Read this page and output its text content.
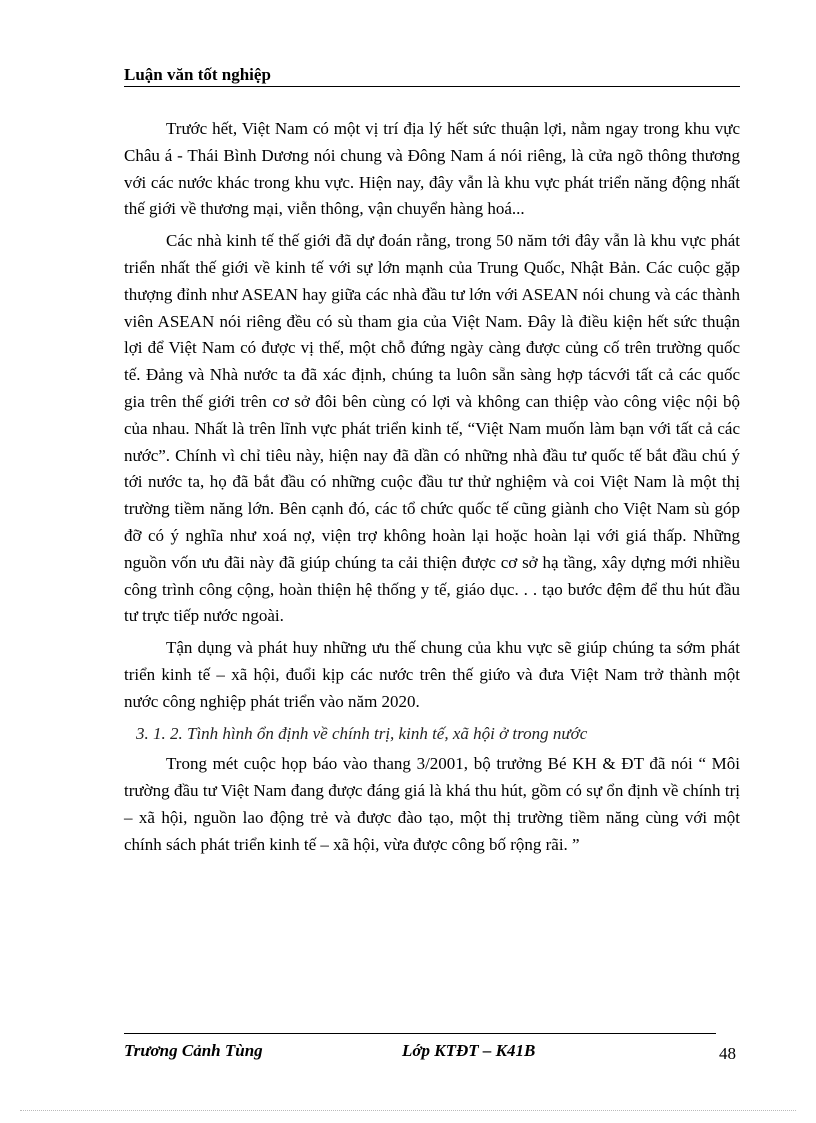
Luận văn tốt nghiệp

Trước hết, Việt Nam có một vị trí địa lý hết sức thuận lợi, nằm ngay trong khu vực Châu á - Thái Bình Dương nói chung và Đông Nam á nói riêng, là cửa ngõ thông thương với các nước khác trong khu vực. Hiện nay, đây vẫn là khu vực phát triển năng động nhất thế giới về thương mại, viễn thông, vận chuyển hàng hoá...

Các nhà kinh tế thế giới đã dự đoán rằng, trong 50 năm tới đây vẫn là khu vực phát triển nhất thế giới về kinh tế với sự lớn mạnh của Trung Quốc, Nhật Bản. Các cuộc gặp thượng đỉnh như ASEAN hay giữa các nhà đầu tư lớn với ASEAN nói chung và các thành viên ASEAN nói riêng đều có sù tham gia của Việt Nam. Đây là điều kiện hết sức thuận lợi để Việt Nam có được vị thế, một chỗ đứng ngày càng được củng cố trên trường quốc tế. Đảng và Nhà nước ta đã xác định, chúng ta luôn sẵn sàng hợp tácvới tất cả các quốc gia trên thế giới trên cơ sở đôi bên cùng có lợi và không can thiệp vào công việc nội bộ của nhau. Nhất là trên lĩnh vực phát triển kinh tế, “Việt Nam muốn làm bạn với tất cả các nước”. Chính vì chỉ tiêu này, hiện nay đã dần có những nhà đầu tư quốc tế bắt đầu chú ý tới nước ta, họ đã bắt đầu có những cuộc đầu tư thử nghiệm và coi Việt Nam là một thị trường tiềm năng lớn. Bên cạnh đó, các tổ chức quốc tế cũng giành cho Việt Nam sù góp đỡ có ý nghĩa như xoá nợ, viện trợ không hoàn lại hoặc hoàn lại với giá thấp. Những nguồn vốn ưu đãi này đã giúp chúng ta cải thiện được cơ sở hạ tầng, xây dựng mới nhiều công trình công cộng, hoàn thiện hệ thống y tế, giáo dục. . . tạo bước đệm để thu hút đầu tư trực tiếp nước ngoài.

Tận dụng và phát huy những ưu thế chung của khu vực sẽ giúp chúng ta sớm phát triển kinh tế – xã hội, đuổi kịp các nước trên thế giứo và đưa Việt Nam trở thành một nước công nghiệp phát triển vào năm 2020.

3. 1. 2. Tình hình ổn định về chính trị, kinh tế, xã hội ở trong nước

Trong mét cuộc họp báo vào thang 3/2001, bộ trưởng Bé KH & ĐT đã nói “ Môi trường đầu tư Việt Nam đang được đáng giá là khá thu hút, gồm có sự ổn định về chính trị – xã hội, nguồn lao động trẻ và được đào tạo, một thị trường tiềm năng cùng với một chính sách phát triển kinh tế – xã hội, vừa được công bố rộng rãi. ”

Trương Cảnh Tùng	Lớp KTĐT – K41B	48
